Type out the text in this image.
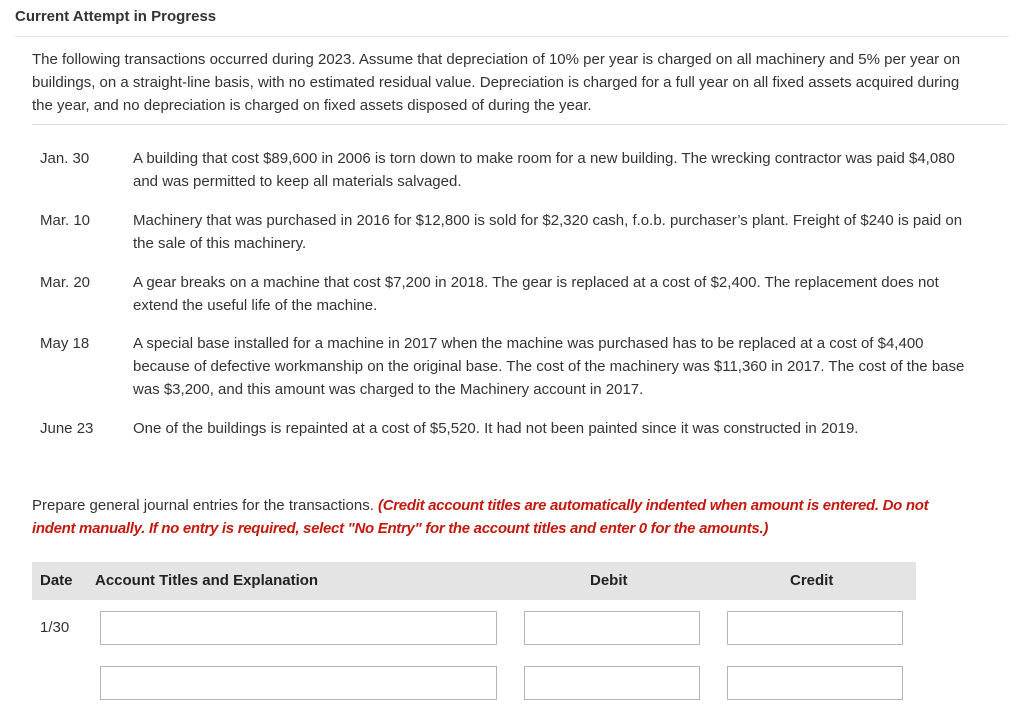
Current Attempt in Progress
The following transactions occurred during 2023. Assume that depreciation of 10% per year is charged on all machinery and 5% per year on buildings, on a straight-line basis, with no estimated residual value. Depreciation is charged for a full year on all fixed assets acquired during the year, and no depreciation is charged on fixed assets disposed of during the year.
Jan. 30	A building that cost $89,600 in 2006 is torn down to make room for a new building. The wrecking contractor was paid $4,080 and was permitted to keep all materials salvaged.
Mar. 10	Machinery that was purchased in 2016 for $12,800 is sold for $2,320 cash, f.o.b. purchaser’s plant. Freight of $240 is paid on the sale of this machinery.
Mar. 20	A gear breaks on a machine that cost $7,200 in 2018. The gear is replaced at a cost of $2,400. The replacement does not extend the useful life of the machine.
May 18	A special base installed for a machine in 2017 when the machine was purchased has to be replaced at a cost of $4,400 because of defective workmanship on the original base. The cost of the machinery was $11,360 in 2017. The cost of the base was $3,200, and this amount was charged to the Machinery account in 2017.
June 23	One of the buildings is repainted at a cost of $5,520. It had not been painted since it was constructed in 2019.
Prepare general journal entries for the transactions. (Credit account titles are automatically indented when amount is entered. Do not indent manually. If no entry is required, select "No Entry" for the account titles and enter 0 for the amounts.)
Date Account Titles and Explanation	Debit	Credit
1/30
